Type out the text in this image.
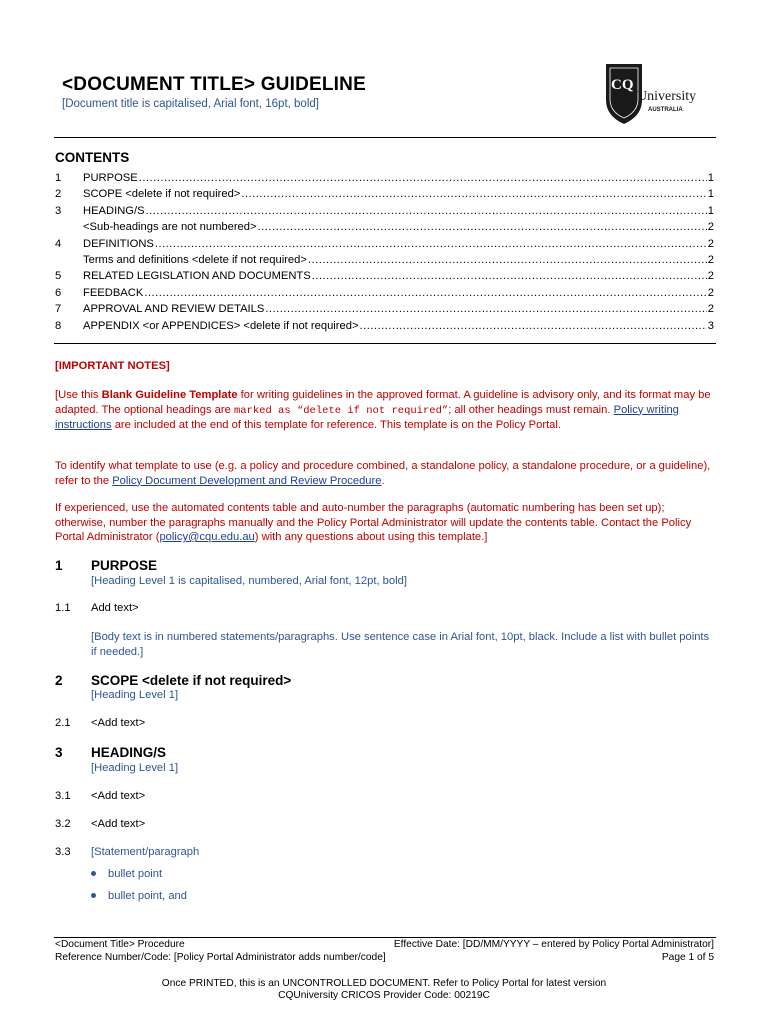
<DOCUMENT TITLE> GUIDELINE
[Document title is capitalised, Arial font, 16pt, bold]
CQ
University
AUSTRALIA
CONTENTS
1	PURPOSE .....	1
2	SCOPE <delete if not required> .....	1
3	HEADING/S .....	1
<Sub-headings are not numbered> .....	2
4	DEFINITIONS .....	2
Terms and definitions <delete if not required> .....	2
5	RELATED LEGISLATION AND DOCUMENTS .....	2
6	FEEDBACK .....	2
7	APPROVAL AND REVIEW DETAILS .....	2
8	APPENDIX <or APPENDICES> <delete if not required> .....	3
[IMPORTANT NOTES]
[Use this Blank Guideline Template for writing guidelines in the approved format. A guideline is advisory only, and its format may be adapted. The optional headings are marked as “delete if not required”; all other headings must remain. Policy writing instructions are included at the end of this template for reference. This template is on the Policy Portal.
To identify what template to use (e.g. a policy and procedure combined, a standalone policy, a standalone procedure, or a guideline), refer to the Policy Document Development and Review Procedure.
If experienced, use the automated contents table and auto-number the paragraphs (automatic numbering has been set up); otherwise, number the paragraphs manually and the Policy Portal Administrator will update the contents table. Contact the Policy Portal Administrator (policy@cqu.edu.au) with any questions about using this template.]
1 PURPOSE
[Heading Level 1 is capitalised, numbered, Arial font, 12pt, bold]
1.1 Add text>
[Body text is in numbered statements/paragraphs. Use sentence case in Arial font, 10pt, black. Include a list with bullet points if needed.]
2 SCOPE <delete if not required>
[Heading Level 1]
2.1 <Add text>
3 HEADING/S
[Heading Level 1]
3.1 <Add text>
3.2 <Add text>
3.3 [Statement/paragraph
bullet point
bullet point, and
<Document Title> Procedure	Effective Date: [DD/MM/YYYY – entered by Policy Portal Administrator]
Reference Number/Code: [Policy Portal Administrator adds number/code]	Page 1 of 5
Once PRINTED, this is an UNCONTROLLED DOCUMENT. Refer to Policy Portal for latest version
CQUniversity CRICOS Provider Code: 00219C
